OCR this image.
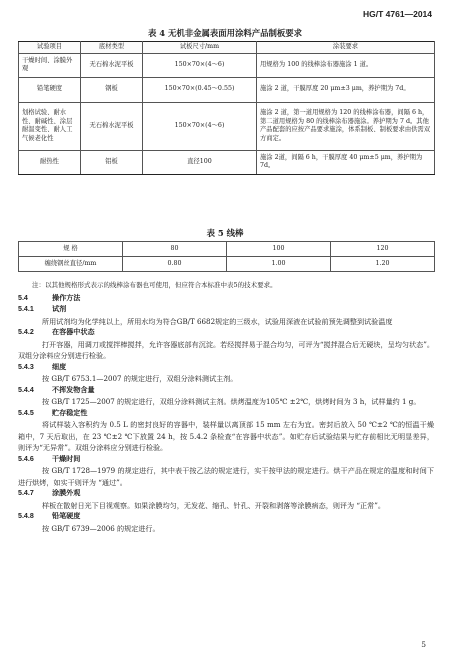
HG/T 4761—2014
表 4 无机非金属表面用涂料产品制板要求
试验项目	底材类型	试板尺寸/mm	涂装要求
干燥时间、涂膜外观	无石棉水泥平板	150×70×(4～6)	用规格为 100 的线棒涂布器施涂 1 道。
铅笔硬度	钢板	150×70×(0.45～0.55)	施涂 2 道，干膜厚度 20 μm±3 μm，养护期为 7d。
划格试验、耐水性、耐碱性、涂层耐温变性、耐人工气候老化性	无石棉水泥平板	150×70×(4～6)	施涂 2 道，第一道用规格为 120 的线棒涂布器，间隔 6 h，第二道用规格为 80 的线棒涂布器施涂。养护期为 7 d。其他产品配套的应按产品要求施涂，体系制板、制板要求由供需双方商定。
耐热性	铝板	直径100	施涂 2道，间隔 6 h，干膜厚度 40 μm±5 μm，养护期为 7d。
表 5 线棒
规 格	80	100	120
缠绕钢丝直径/mm	0.80	1.00	1.20
注：以其他规格形式表示的线棒涂布器也可使用，但应符合本标准中表5的技术要求。
5.4	操作方法
5.4.1	试剂
所用试剂均为化学纯以上，所用水均为符合GB/T 6682规定的三级水，试验用深液在试验前预先调整到试验温度
5.4.2	在容器中状态
打开容器，用调刀或搅拌棒搅拌，允许容器底部有沉淀。若经搅拌易于混合均匀，可评为“搅拌混合后无硬块，呈均匀状态”。双组分涂料应分别进行检验。
5.4.3	细度
按 GB/T 6753.1—2007 的规定进行，双组分涂料测试主剂。
5.4.4	不挥发物含量
按 GB/T 1725—2007 的规定进行，双组分涂料测试主剂。烘烤温度为105℃ ±2℃，烘烤时间为 3 h，试样量约 1 g。
5.4.5	贮存稳定性
将试样装入容积约为 0.5 L 的密封良好的容器中，装样量以离顶部 15 mm 左右为宜。密封后放入 50 ℃±2 ℃的恒温干燥箱中，7 天后取出，在 23 ℃±2 ℃下放置 24 h，按 5.4.2 条检查“在容器中状态”。如贮存后试验结果与贮存前相比无明显差异，则评为“无异常”。双组分涂料应分别进行检验。
5.4.6	干燥时间
按 GB/T 1728—1979 的规定进行，其中表干按乙法的规定进行，实干按甲法的规定进行。烘干产品在规定的温度和时间下进行烘烤，如实干则评为 “通过”。
5.4.7	涂膜外观
样板在散射日光下目视观察。如果涂膜均匀，无发花、缩孔、针孔、开裂和剥落等涂膜病态，则评为 “正常”。
5.4.8	铅笔硬度
按 GB/T 6739—2006 的规定进行。
5
